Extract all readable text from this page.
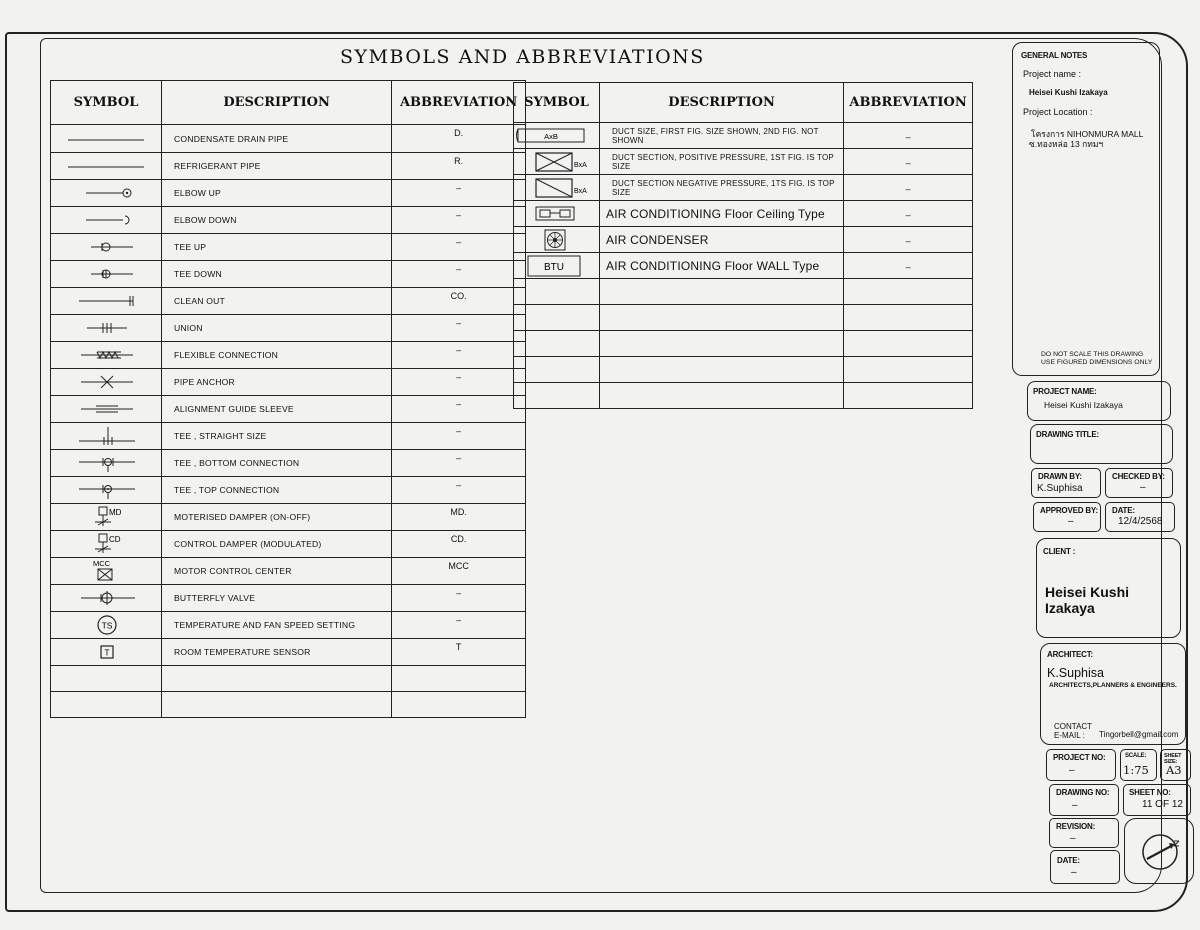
SYMBOLS AND ABBREVIATIONS
SYMBOL	DESCRIPTION	ABBREVIATION

	CONDENSATE DRAIN PIPE	D.

	REFRIGERANT PIPE	R.

	ELBOW UP	–

	ELBOW DOWN	–

	TEE UP	–

	TEE DOWN	–

	CLEAN OUT	CO.

	UNION	–

	FLEXIBLE CONNECTION	–

	PIPE ANCHOR	–

	ALIGNMENT GUIDE SLEEVE	–

	TEE , STRAIGHT SIZE	–

	TEE , BOTTOM CONNECTION	–

	TEE , TOP CONNECTION	–

MD	MOTERISED DAMPER (ON-OFF)	MD.

CD	CONTROL DAMPER (MODULATED)	CD.

MCC	MOTOR CONTROL CENTER	MCC

	BUTTERFLY VALVE	–

TS	TEMPERATURE AND FAN SPEED SETTING	–

T	ROOM TEMPERATURE SENSOR	T

SYMBOL	DESCRIPTION	ABBREVIATION

AxB	DUCT SIZE, FIRST FIG. SIZE SHOWN, 2ND FIG. NOT SHOWN	–

BxA	DUCT SECTION, POSITIVE PRESSURE, 1ST FIG. IS TOP SIZE	–

BxA	DUCT SECTION NEGATIVE PRESSURE, 1TS FIG. IS TOP SIZE	–

	AIR CONDITIONING Floor Ceiling Type	–

	AIR CONDENSER	–

BTU	AIR CONDITIONING Floor WALL Type	–

GENERAL NOTES
Project name :
Heisei Kushi Izakaya
Project Location :
โครงการ NIHONMURA MALL
ซ.ทองหล่อ 13 กทมฯ
DO NOT SCALE THIS DRAWING
USE FIGURED DIMENSIONS ONLY
PROJECT NAME:
Heisei Kushi Izakaya
DRAWING TITLE:
DRAWN BY:
K.Suphisa
CHECKED BY:
–
APPROVED BY:
–
DATE:
12/4/2568
CLIENT :
Heisei Kushi Izakaya
ARCHITECT:
K.Suphisa
ARCHITECTS,PLANNERS & ENGINEERS.
CONTACT
E-MAIL : Tingorbell@gmail.com
PROJECT NO:
–
SCALE:
1:75
SHEET SIZE:
A3
DRAWING NO:
–
SHEET NO:
11 OF 12
REVISION:
–
DATE:
–
